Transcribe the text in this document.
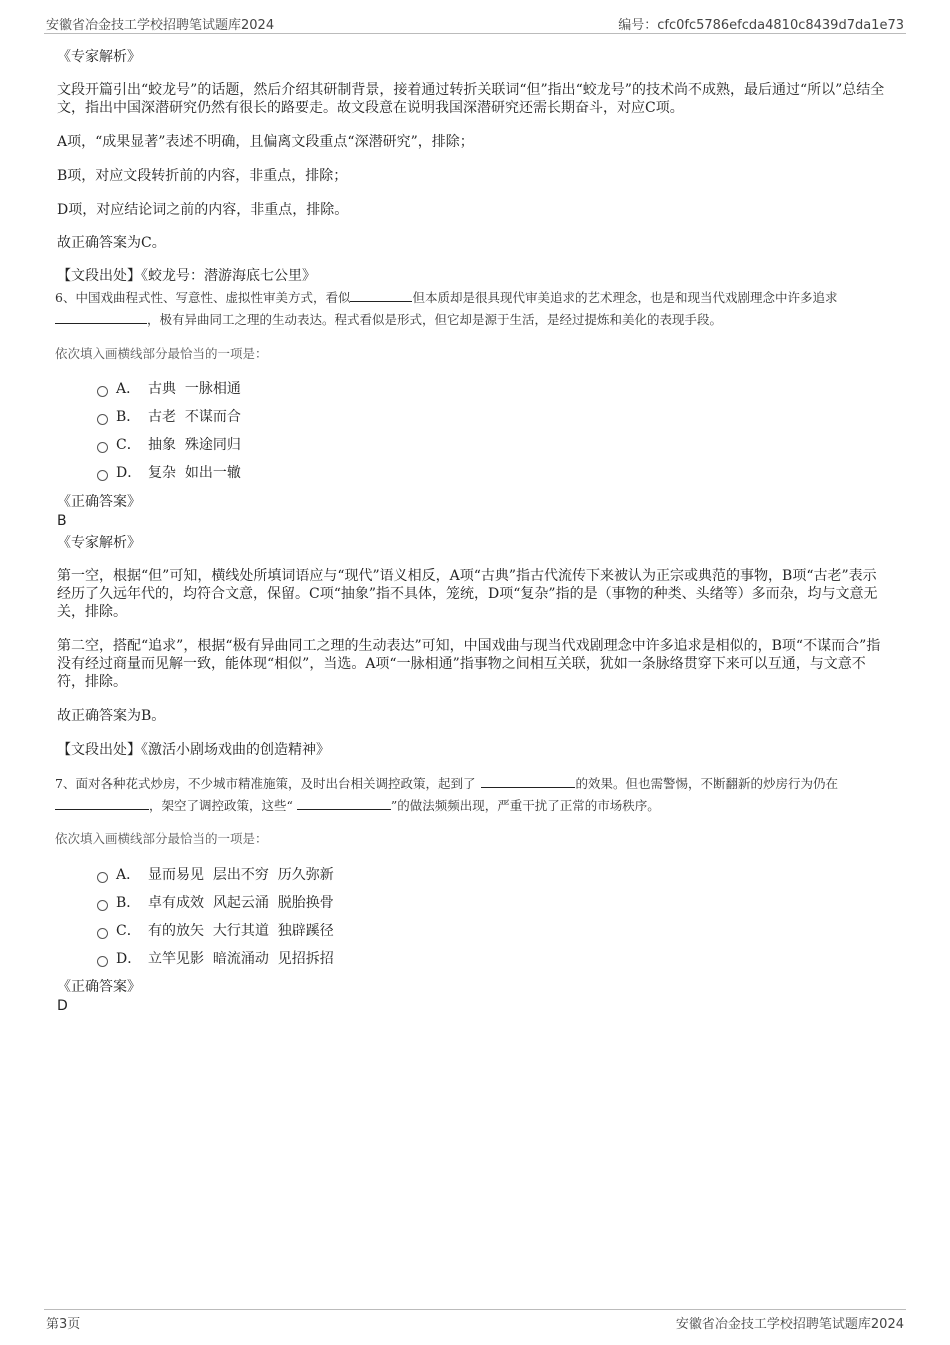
安徽省冶金技工学校招聘笔试题库2024	编号：cfc0fc5786efcda4810c8439d7da1e73
《专家解析》
文段开篇引出“蛟龙号”的话题，然后介绍其研制背景，接着通过转折关联词“但”指出“蛟龙号”的技术尚不成熟，最后通过“所以”总结全文，指出中国深潜研究仍然有很长的路要走。故文段意在说明我国深潜研究还需长期奋斗，对应C项。
A项，“成果显著”表述不明确，且偏离文段重点“深潜研究”，排除；
B项，对应文段转折前的内容，非重点，排除；
D项，对应结论词之前的内容，非重点，排除。
故正确答案为C。
【文段出处】《蛟龙号：潜游海底七公里》
6、中国戏曲程式性、写意性、虚拟性审美方式，看似	但本质却是很具现代审美追求的艺术理念，也是和现当代戏剧理念中许多追求
，极有异曲同工之理的生动表达。程式看似是形式，但它却是源于生活，是经过提炼和美化的表现手段。
依次填入画横线部分最恰当的一项是：
A． 古典  一脉相通
B． 古老  不谋而合
C． 抽象  殊途同归
D． 复杂  如出一辙
《正确答案》
B
《专家解析》
第一空，根据“但”可知，横线处所填词语应与“现代”语义相反，A项“古典”指古代流传下来被认为正宗或典范的事物，B项“古老”表示经历了久远年代的，均符合文意，保留。C项“抽象”指不具体，笼统，D项“复杂”指的是（事物的种类、头绪等）多而杂，均与文意无关，排除。
第二空，搭配“追求”，根据“极有异曲同工之理的生动表达”可知，中国戏曲与现当代戏剧理念中许多追求是相似的，B项“不谋而合”指没有经过商量而见解一致，能体现“相似”，当选。A项“一脉相通”指事物之间相互关联，犹如一条脉络贯穿下来可以互通，与文意不符，排除。
故正确答案为B。
【文段出处】《激活小剧场戏曲的创造精神》
7、面对各种花式炒房，不少城市精准施策，及时出台相关调控政策，起到了	的效果。但也需警惕，不断翻新的炒房行为仍在
，架空了调控政策，这些“	”的做法频频出现，严重干扰了正常的市场秩序。
依次填入画横线部分最恰当的一项是：
A． 显而易见  层出不穷  历久弥新
B． 卓有成效  风起云涌  脱胎换骨
C． 有的放矢  大行其道  独辟蹊径
D． 立竿见影  暗流涌动  见招拆招
《正确答案》
D
第3页	安徽省冶金技工学校招聘笔试题库2024
